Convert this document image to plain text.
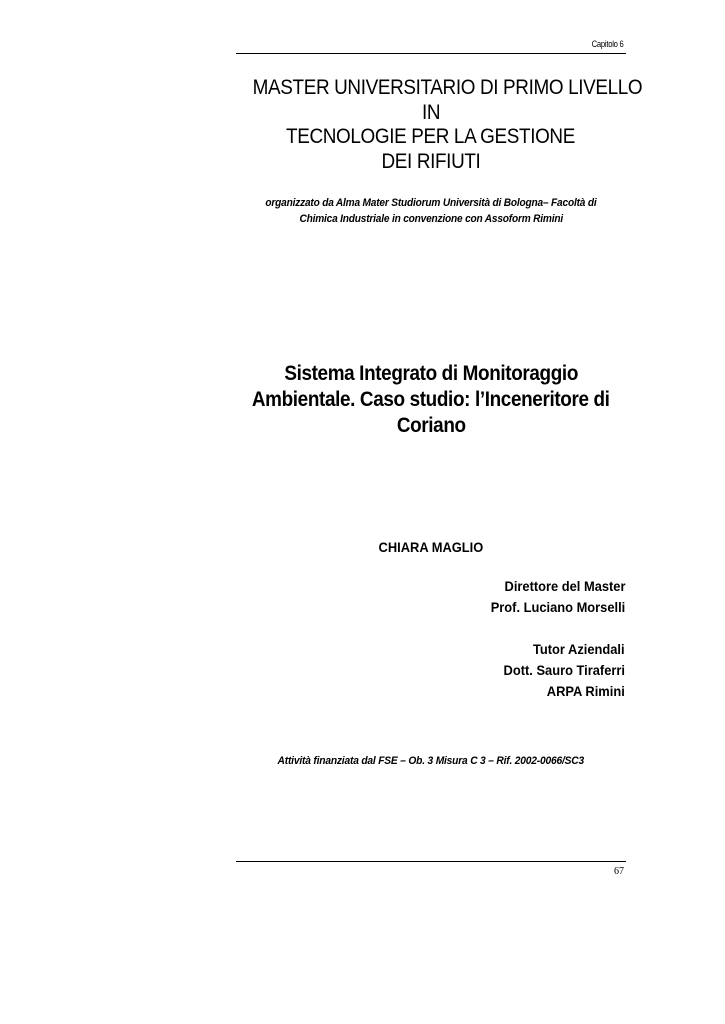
Capitolo 6
MASTER UNIVERSITARIO DI PRIMO LIVELLO
IN
TECNOLOGIE PER LA GESTIONE
DEI RIFIUTI
organizzato da Alma Mater Studiorum Università di Bologna– Facoltà di
Chimica Industriale in convenzione con Assoform Rimini
Sistema Integrato di Monitoraggio
Ambientale. Caso studio: l’Inceneritore di
Coriano
CHIARA MAGLIO
Direttore del Master
Prof. Luciano Morselli
Tutor Aziendali
Dott. Sauro Tiraferri
ARPA Rimini
Attività finanziata dal FSE – Ob. 3 Misura C 3 – Rif. 2002-0066/SC3
67
